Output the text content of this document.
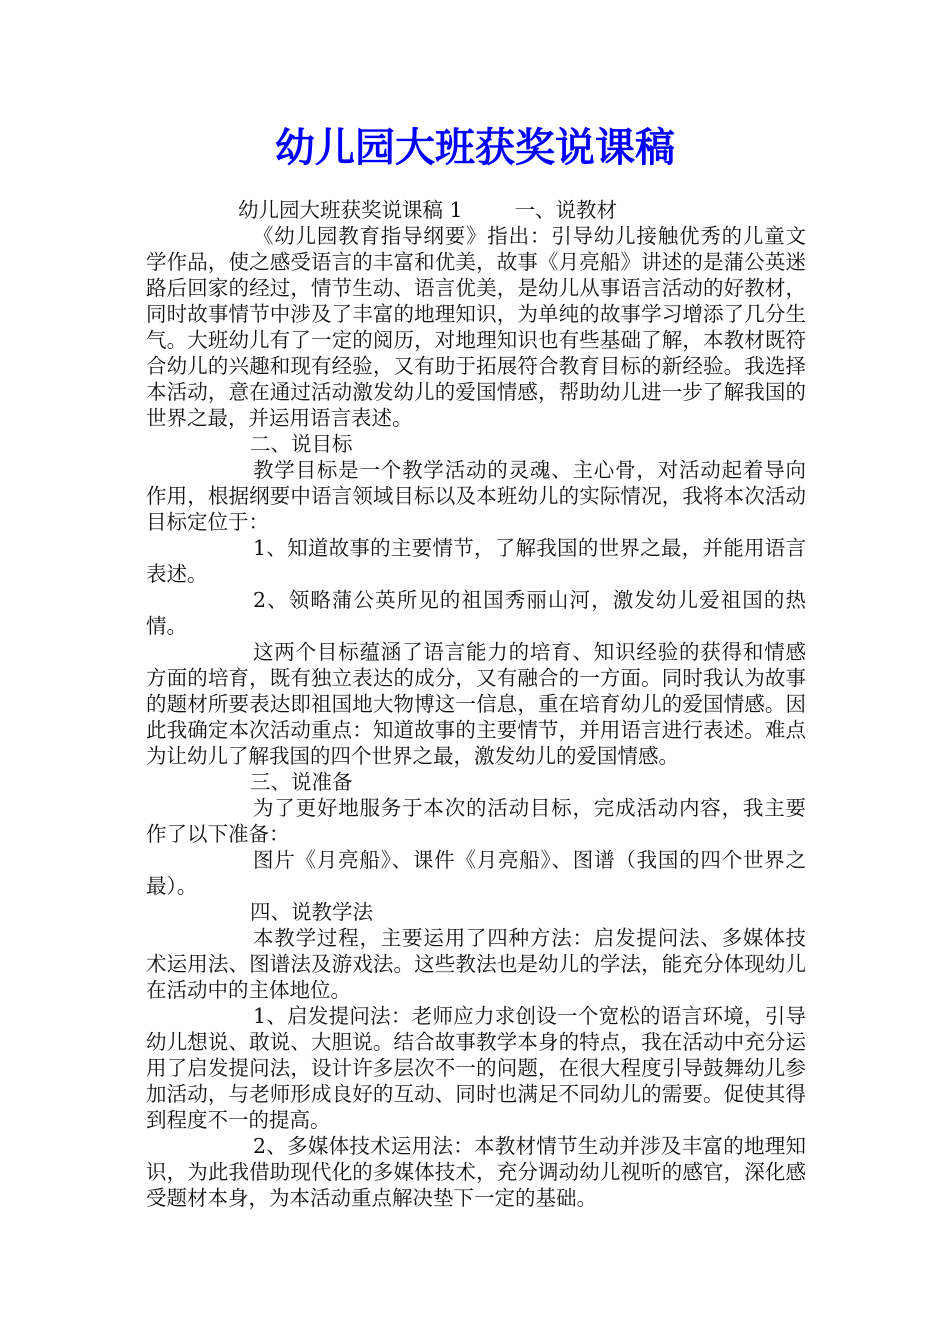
幼儿园大班获奖说课稿

幼儿园大班获奖说课稿 1	一、说教材

《幼儿园教育指导纲要》指出：引导幼儿接触优秀的儿童文学作品，使之感受语言的丰富和优美，故事《月亮船》讲述的是蒲公英迷路后回家的经过，情节生动、语言优美，是幼儿从事语言活动的好教材，同时故事情节中涉及了丰富的地理知识，为单纯的故事学习增添了几分生气。大班幼儿有了一定的阅历，对地理知识也有些基础了解，本教材既符合幼儿的兴趣和现有经验，又有助于拓展符合教育目标的新经验。我选择本活动，意在通过活动激发幼儿的爱国情感，帮助幼儿进一步了解我国的世界之最，并运用语言表述。

二、说目标

教学目标是一个教学活动的灵魂、主心骨，对活动起着导向作用，根据纲要中语言领域目标以及本班幼儿的实际情况，我将本次活动目标定位于：

1、知道故事的主要情节，了解我国的世界之最，并能用语言表述。

2、领略蒲公英所见的祖国秀丽山河，激发幼儿爱祖国的热情。

这两个目标蕴涵了语言能力的培育、知识经验的获得和情感方面的培育，既有独立表达的成分，又有融合的一方面。同时我认为故事的题材所要表达即祖国地大物博这一信息，重在培育幼儿的爱国情感。因此我确定本次活动重点：知道故事的主要情节，并用语言进行表述。难点为让幼儿了解我国的四个世界之最，激发幼儿的爱国情感。

三、说准备

为了更好地服务于本次的活动目标，完成活动内容，我主要作了以下准备：

图片《月亮船》、课件《月亮船》、图谱（我国的四个世界之最）。

四、说教学法

本教学过程，主要运用了四种方法：启发提问法、多媒体技术运用法、图谱法及游戏法。这些教法也是幼儿的学法，能充分体现幼儿在活动中的主体地位。

1、启发提问法：老师应力求创设一个宽松的语言环境，引导幼儿想说、敢说、大胆说。结合故事教学本身的特点，我在活动中充分运用了启发提问法，设计许多层次不一的问题，在很大程度引导鼓舞幼儿参加活动，与老师形成良好的互动、同时也满足不同幼儿的需要。促使其得到程度不一的提高。

2、多媒体技术运用法：本教材情节生动并涉及丰富的地理知识，为此我借助现代化的多媒体技术，充分调动幼儿视听的感官，深化感受题材本身，为本活动重点解决垫下一定的基础。
